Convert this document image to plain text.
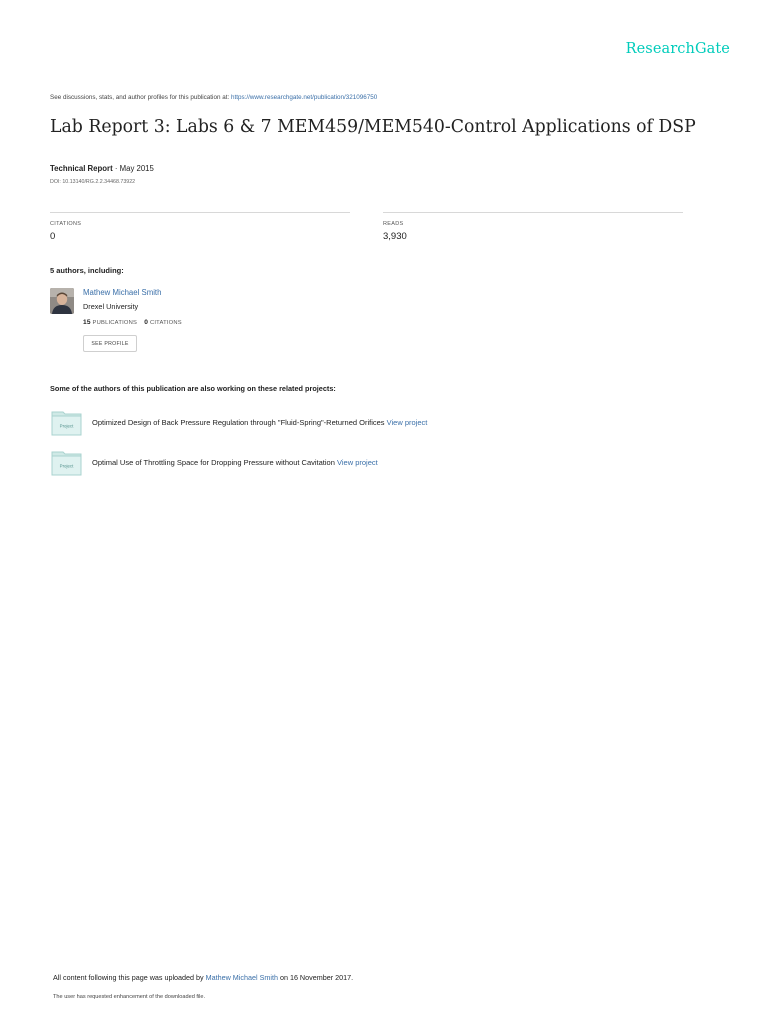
ResearchGate
See discussions, stats, and author profiles for this publication at: https://www.researchgate.net/publication/321096750
Lab Report 3: Labs 6 & 7 MEM459/MEM540-Control Applications of DSP
Technical Report · May 2015
DOI: 10.13140/RG.2.2.34468.73922
CITATIONS
0
READS
3,930
5 authors, including:
Mathew Michael Smith
Drexel University
15 PUBLICATIONS 0 CITATIONS
SEE PROFILE
Some of the authors of this publication are also working on these related projects:
Project Optimized Design of Back Pressure Regulation through "Fluid-Spring"-Returned Orifices View project
Project Optimal Use of Throttling Space for Dropping Pressure without Cavitation View project
All content following this page was uploaded by Mathew Michael Smith on 16 November 2017.
The user has requested enhancement of the downloaded file.
